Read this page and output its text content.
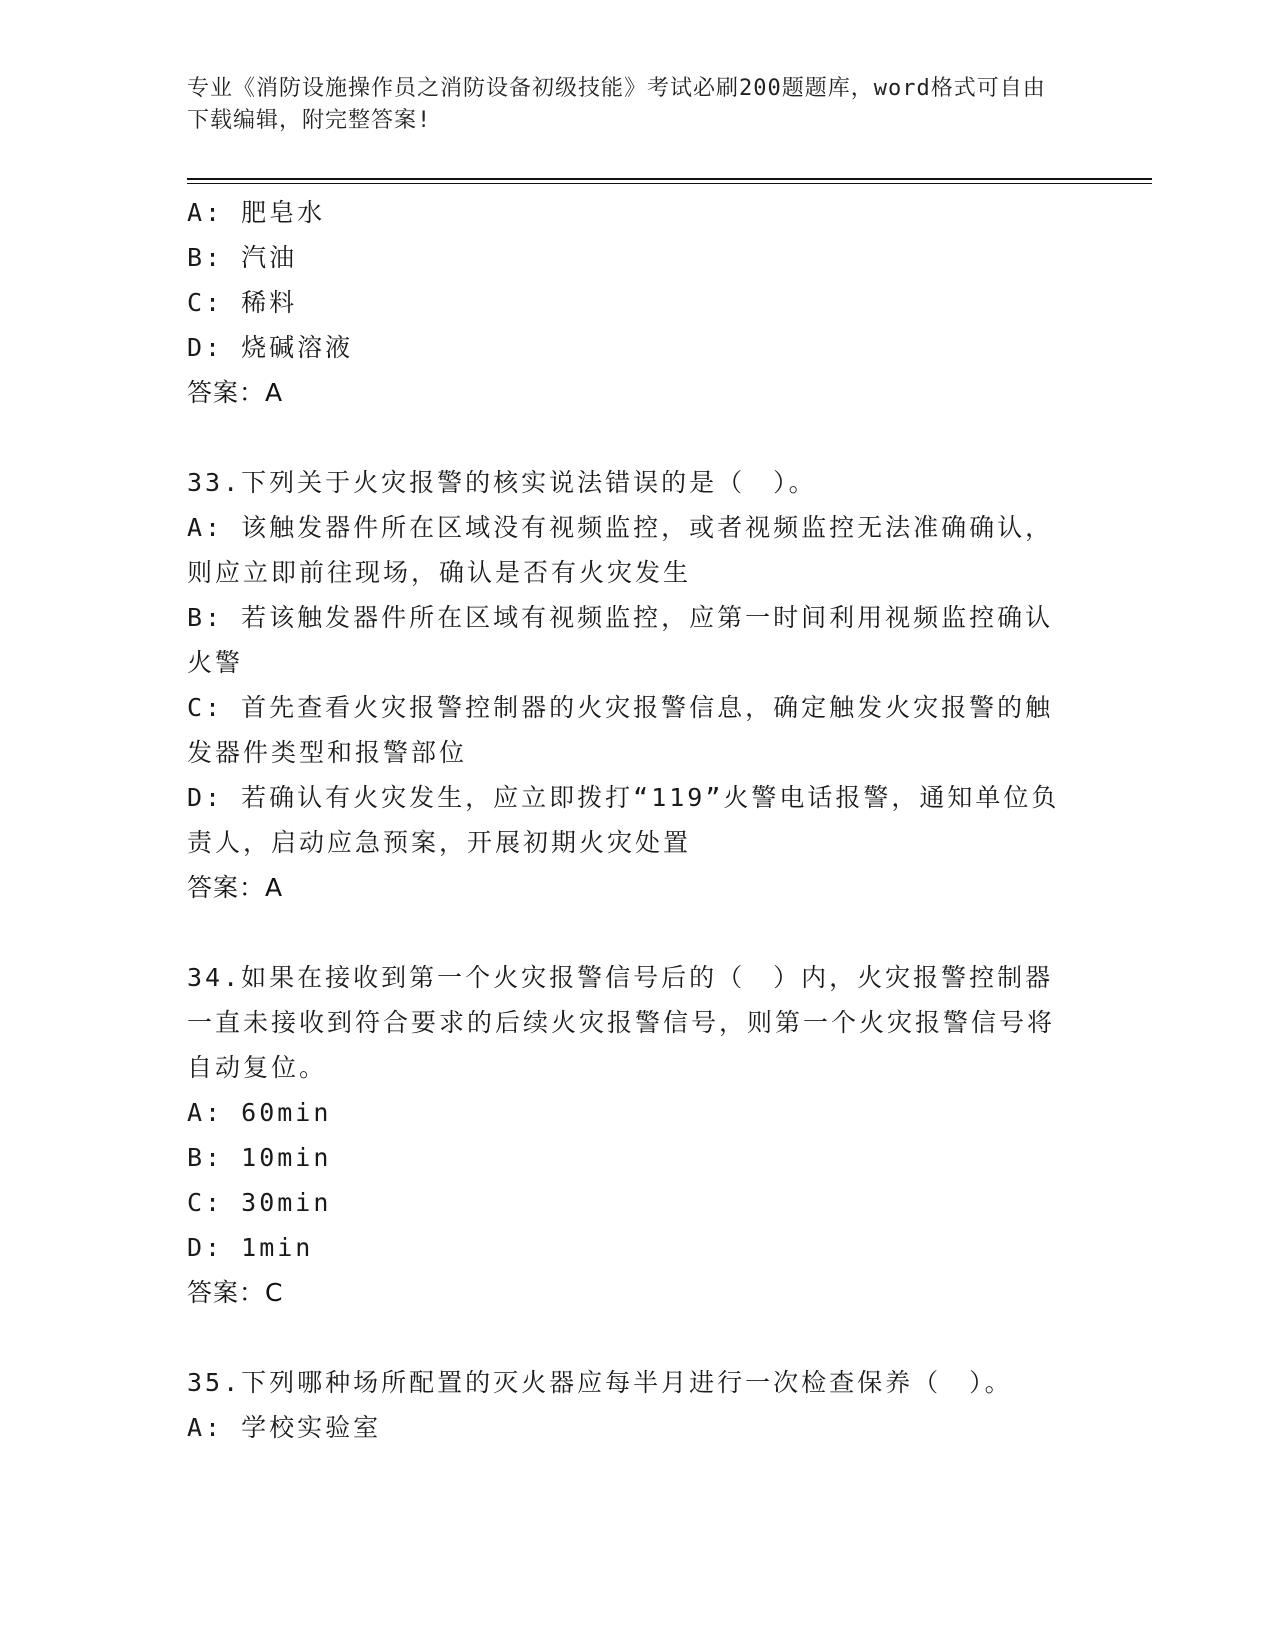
专业《消防设施操作员之消防设备初级技能》考试必刷200题题库，word格式可自由下载编辑，附完整答案!
A: 肥皂水
B: 汽油
C: 稀料
D: 烧碱溶液
答案：A
33.下列关于火灾报警的核实说法错误的是（　）。
A: 该触发器件所在区域没有视频监控，或者视频监控无法准确确认，则应立即前往现场，确认是否有火灾发生
B: 若该触发器件所在区域有视频监控，应第一时间利用视频监控确认火警
C: 首先查看火灾报警控制器的火灾报警信息，确定触发火灾报警的触发器件类型和报警部位
D: 若确认有火灾发生，应立即拨打“119”火警电话报警，通知单位负责人，启动应急预案，开展初期火灾处置
答案：A
34.如果在接收到第一个火灾报警信号后的（　）内，火灾报警控制器一直未接收到符合要求的后续火灾报警信号，则第一个火灾报警信号将自动复位。
A: 60min
B: 10min
C: 30min
D: 1min
答案：C
35.下列哪种场所配置的灭火器应每半月进行一次检查保养（　）。
A: 学校实验室
